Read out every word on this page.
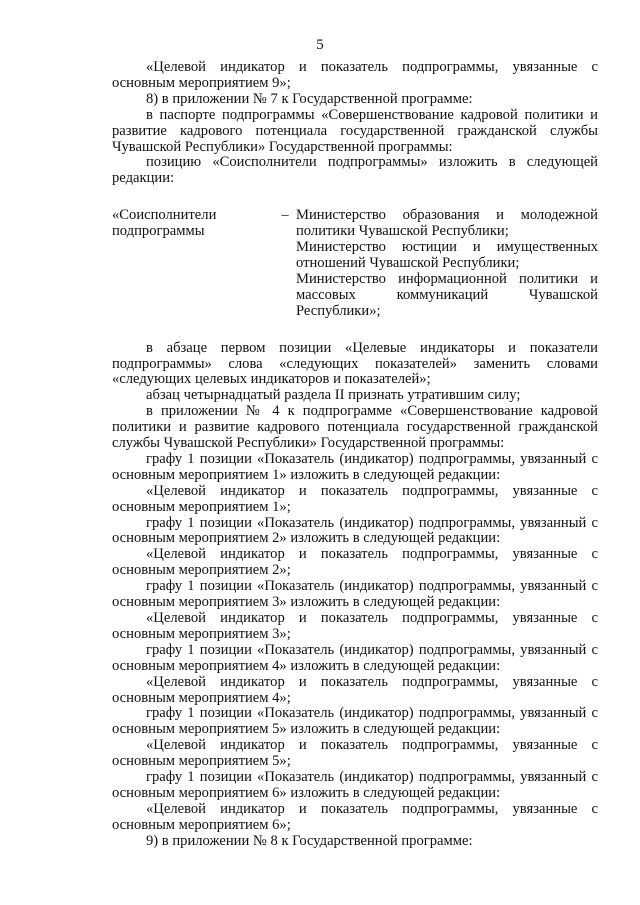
5

«Целевой индикатор и показатель подпрограммы, увязанные с основным мероприятием 9»;

8) в приложении № 7 к Государственной программе:

в паспорте подпрограммы «Совершенствование кадровой политики и развитие кадрового потенциала государственной гражданской службы Чувашской Республики» Государственной программы:

позицию «Соисполнители подпрограммы» изложить в следующей редакции:

«Соисполнители подпрограммы
– Министерство образования и молодежной политики Чувашской Республики;

Министерство юстиции и имущественных отношений Чувашской Республики;

Министерство информационной политики и массовых коммуникаций Чувашской Республики»;

в абзаце первом позиции «Целевые индикаторы и показатели подпрограммы» слова «следующих показателей» заменить словами «следующих целевых индикаторов и показателей»;

абзац четырнадцатый раздела II признать утратившим силу;

в приложении № 4 к подпрограмме «Совершенствование кадровой политики и развитие кадрового потенциала государственной гражданской службы Чувашской Республики» Государственной программы:

графу 1 позиции «Показатель (индикатор) подпрограммы, увязанный с основным мероприятием 1» изложить в следующей редакции:

«Целевой индикатор и показатель подпрограммы, увязанные с основным мероприятием 1»;

графу 1 позиции «Показатель (индикатор) подпрограммы, увязанный с основным мероприятием 2» изложить в следующей редакции:

«Целевой индикатор и показатель подпрограммы, увязанные с основным мероприятием 2»;

графу 1 позиции «Показатель (индикатор) подпрограммы, увязанный с основным мероприятием 3» изложить в следующей редакции:

«Целевой индикатор и показатель подпрограммы, увязанные с основным мероприятием 3»;

графу 1 позиции «Показатель (индикатор) подпрограммы, увязанный с основным мероприятием 4» изложить в следующей редакции:

«Целевой индикатор и показатель подпрограммы, увязанные с основным мероприятием 4»;

графу 1 позиции «Показатель (индикатор) подпрограммы, увязанный с основным мероприятием 5» изложить в следующей редакции:

«Целевой индикатор и показатель подпрограммы, увязанные с основным мероприятием 5»;

графу 1 позиции «Показатель (индикатор) подпрограммы, увязанный с основным мероприятием 6» изложить в следующей редакции:

«Целевой индикатор и показатель подпрограммы, увязанные с основным мероприятием 6»;

9) в приложении № 8 к Государственной программе:
